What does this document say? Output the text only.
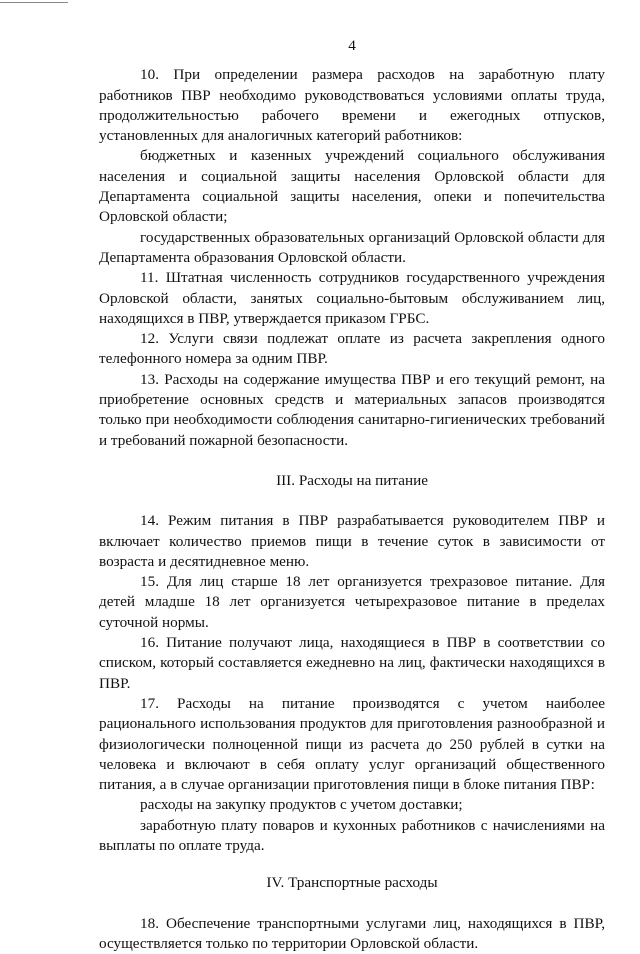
4

10. При определении размера расходов на заработную плату работников ПВР необходимо руководствоваться условиями оплаты труда, продолжительностью рабочего времени и ежегодных отпусков, установленных для аналогичных категорий работников:

бюджетных и казенных учреждений социального обслуживания населения и социальной защиты населения Орловской области для Департамента социальной защиты населения, опеки и попечительства Орловской области;

государственных образовательных организаций Орловской области для Департамента образования Орловской области.

11. Штатная численность сотрудников государственного учреждения Орловской области, занятых социально-бытовым обслуживанием лиц, находящихся в ПВР, утверждается приказом ГРБС.

12. Услуги связи подлежат оплате из расчета закрепления одного телефонного номера за одним ПВР.

13. Расходы на содержание имущества ПВР и его текущий ремонт, на приобретение основных средств и материальных запасов производятся только при необходимости соблюдения санитарно-гигиенических требований и требований пожарной безопасности.

III. Расходы на питание

14. Режим питания в ПВР разрабатывается руководителем ПВР и включает количество приемов пищи в течение суток в зависимости от возраста и десятидневное меню.

15. Для лиц старше 18 лет организуется трехразовое питание. Для детей младше 18 лет организуется четырехразовое питание в пределах суточной нормы.

16. Питание получают лица, находящиеся в ПВР в соответствии со списком, который составляется ежедневно на лиц, фактически находящихся в ПВР.

17. Расходы на питание производятся с учетом наиболее рационального использования продуктов для приготовления разнообразной и физиологически полноценной пищи из расчета до 250 рублей в сутки на человека и включают в себя оплату услуг организаций общественного питания, а в случае организации приготовления пищи в блоке питания ПВР:

расходы на закупку продуктов с учетом доставки;

заработную плату поваров и кухонных работников с начислениями на выплаты по оплате труда.

IV. Транспортные расходы

18. Обеспечение транспортными услугами лиц, находящихся в ПВР, осуществляется только по территории Орловской области.
